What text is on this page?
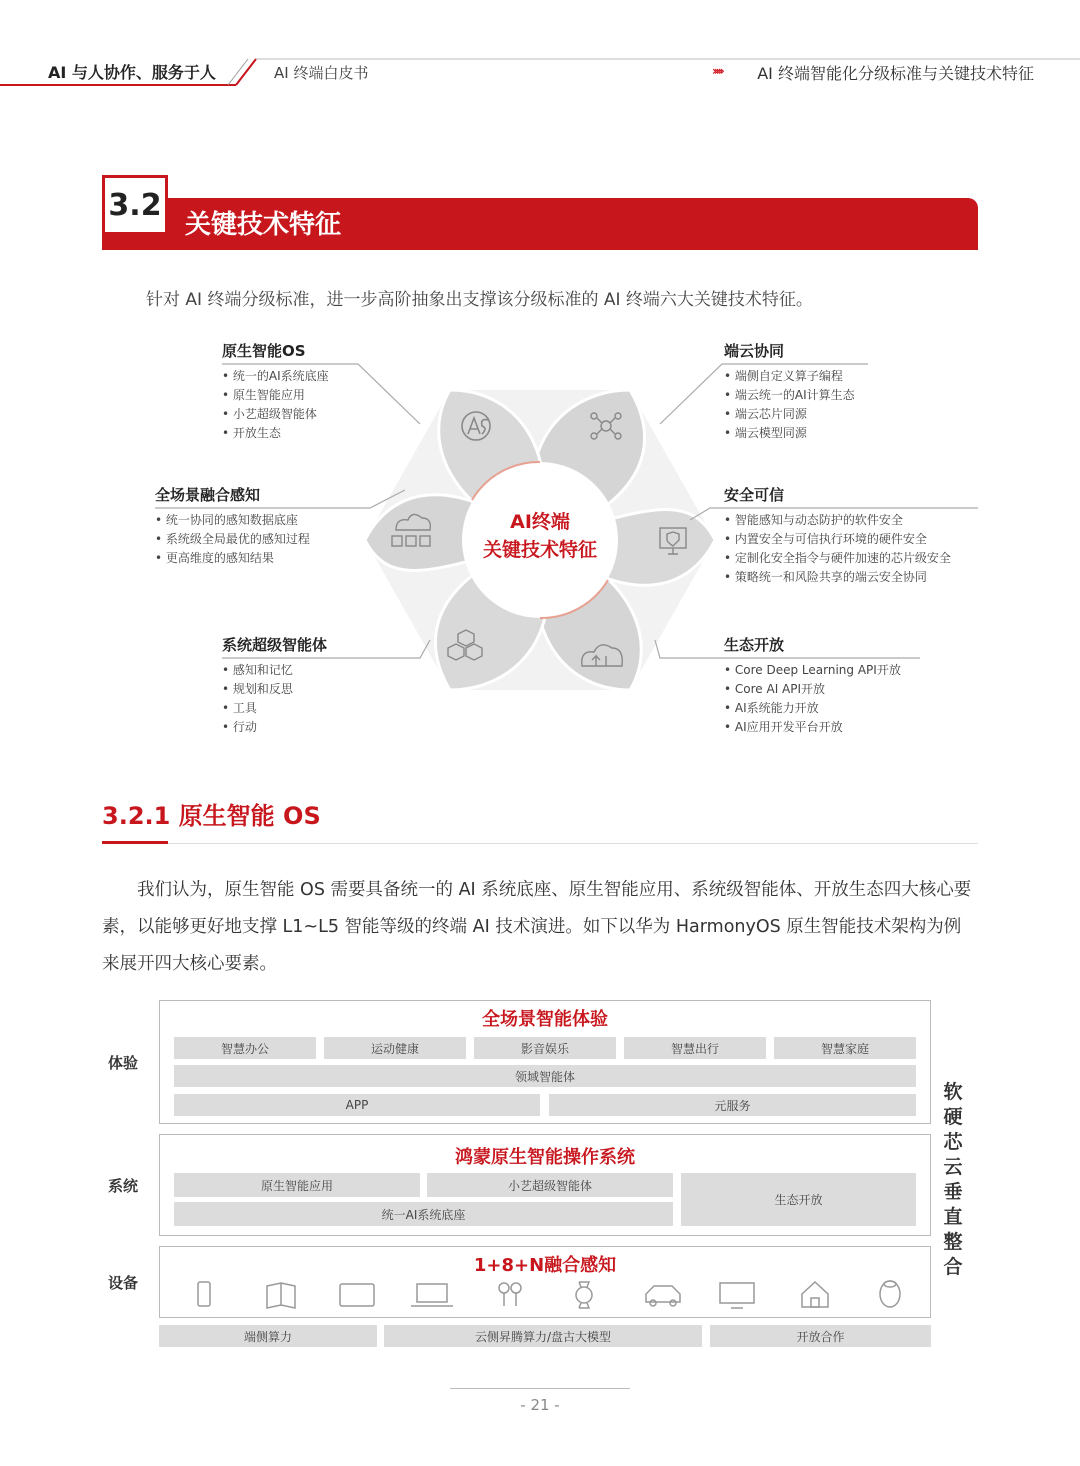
AI 与人协作、服务于人	AI 终端白皮书	››››› AI 终端智能化分级标准与关键技术特征
3.2
关键技术特征
针对 AI 终端分级标准，进一步高阶抽象出支撑该分级标准的 AI 终端六大关键技术特征。
AI终端
关键技术特征
原生智能OS
• 统一的AI系统底座
• 原生智能应用
• 小艺超级智能体
• 开放生态
端云协同
• 端侧自定义算子编程
• 端云统一的AI计算生态
• 端云芯片同源
• 端云模型同源
全场景融合感知
• 统一协同的感知数据底座
• 系统级全局最优的感知过程
• 更高维度的感知结果
安全可信
• 智能感知与动态防护的软件安全
• 内置安全与可信执行环境的硬件安全
• 定制化安全指令与硬件加速的芯片级安全
• 策略统一和风险共享的端云安全协同
系统超级智能体
• 感知和记忆
• 规划和反思
• 工具
• 行动
生态开放
• Core Deep Learning API开放
• Core AI API开放
• AI系统能力开放
• AI应用开发平台开放
3.2.1 原生智能 OS
我们认为，原生智能 OS 需要具备统一的 AI 系统底座、原生智能应用、系统级智能体、开放生态四大核心要素，以能够更好地支撑 L1~L5 智能等级的终端 AI 技术演进。如下以华为 HarmonyOS 原生智能技术架构为例来展开四大核心要素。
体验
系统
设备
全场景智能体验
智慧办公	运动健康	影音娱乐	智慧出行	智慧家庭
领域智能体
APP	元服务
鸿蒙原生智能操作系统
原生智能应用	小艺超级智能体
生态开放
统一AI系统底座
1+8+N融合感知
端侧算力	云侧昇腾算力/盘古大模型	开放合作
软硬芯云垂直整合
- 21 -
